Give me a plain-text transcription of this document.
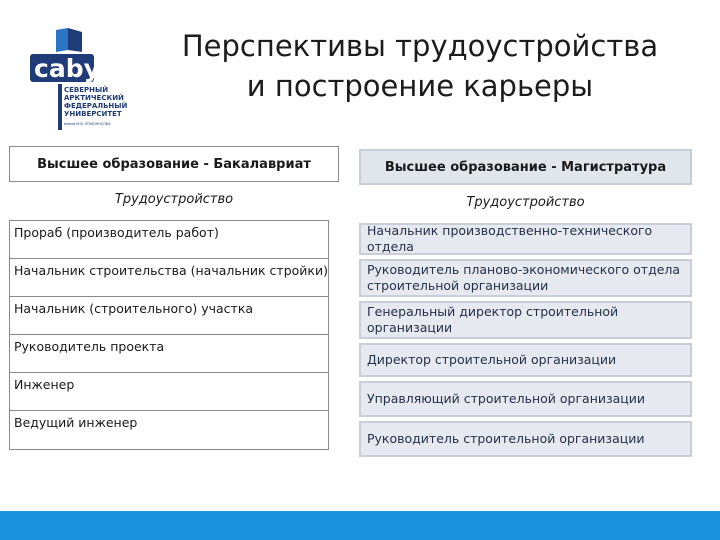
caby
СЕВЕРНЫЙ
АРКТИЧЕСКИЙ
ФЕДЕРАЛЬНЫЙ
УНИВЕРСИТЕТ
имени М.В. ЛОМОНОСОВА
Перспективы трудоустройства
и построение карьеры
Высшее образование - Бакалавриат
Трудоустройство
Прораб (производитель работ)
Начальник строительства (начальник стройки)
Начальник (строительного) участка
Руководитель проекта
Инженер
Ведущий инженер
Высшее образование - Магистратура
Трудоустройство
Начальник производственно-технического отдела
Руководитель планово-экономического отдела строительной организации
Генеральный директор строительной организации
Директор строительной организации
Управляющий строительной организации
Руководитель строительной организации
